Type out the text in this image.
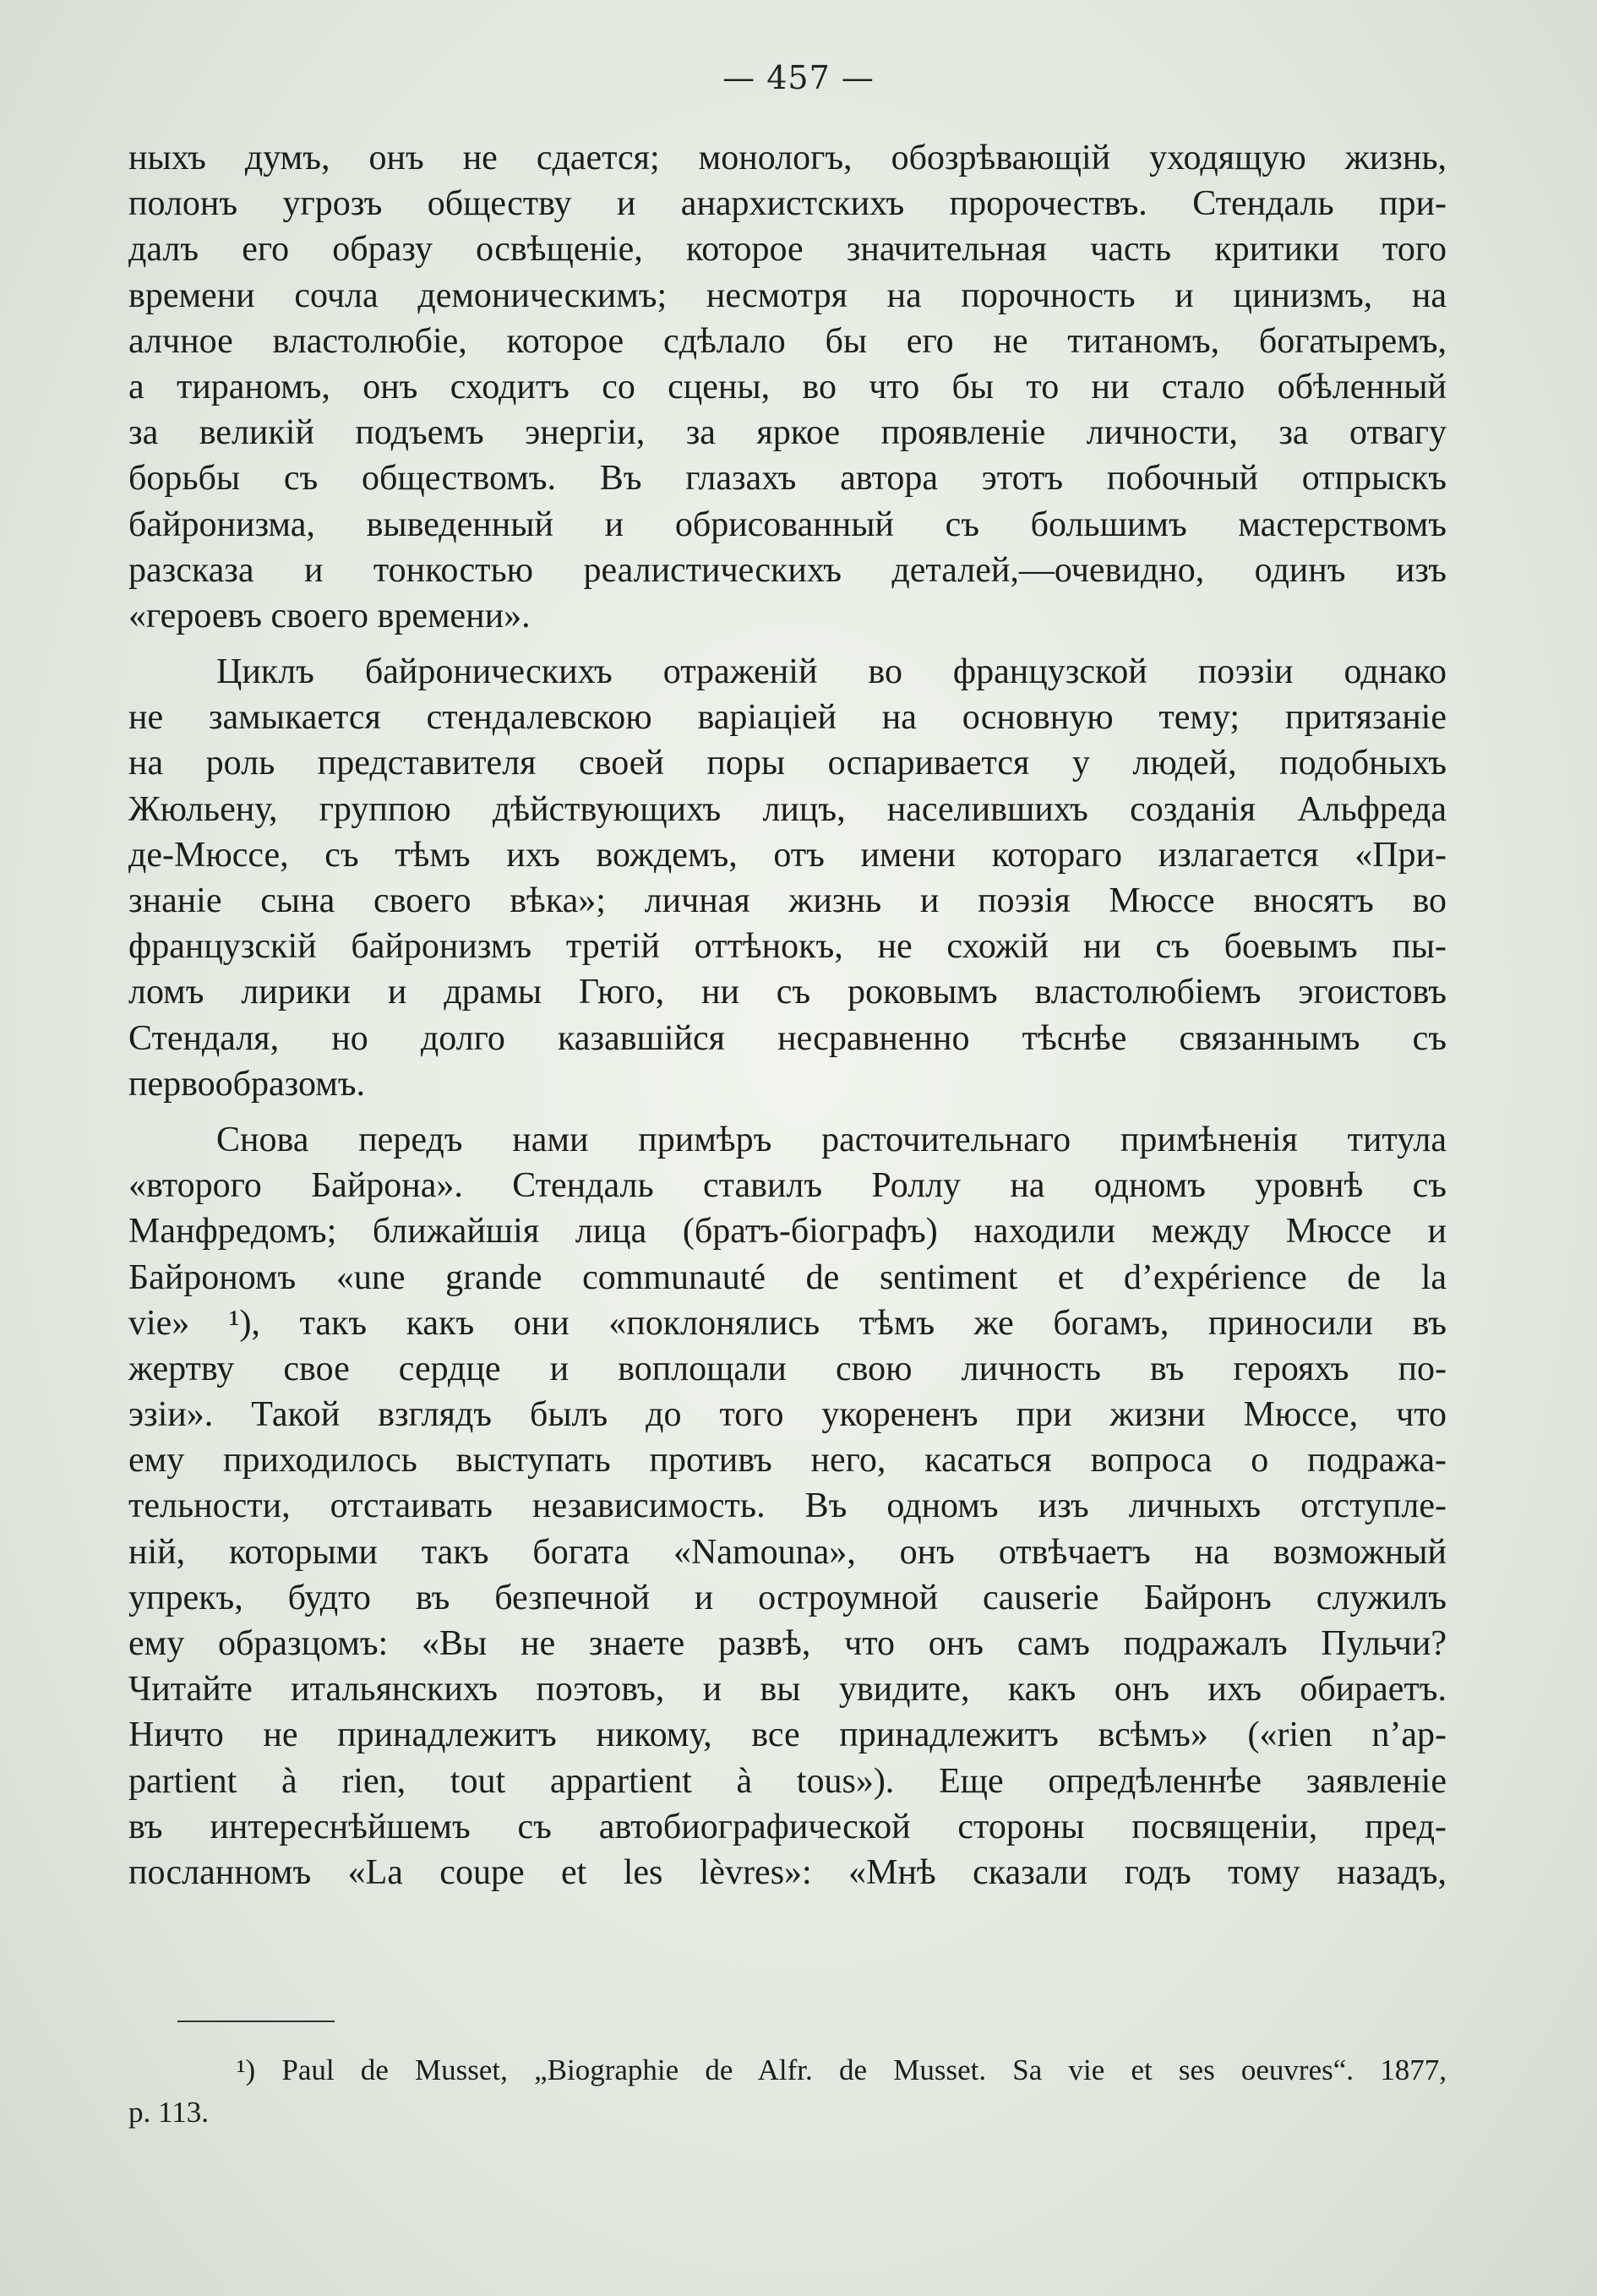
— 457 —

ныхъ думъ, онъ не сдается; монологъ, обозрѣвающій уходящую жизнь,
полонъ угрозъ обществу и анархистскихъ пророчествъ. Стендаль при-
далъ его образу освѣщеніе, которое значительная часть критики того
времени сочла демоническимъ; несмотря на порочность и цинизмъ, на
алчное властолюбіе, которое сдѣлало бы его не титаномъ, богатыремъ,
а тираномъ, онъ сходитъ со сцены, во что бы то ни стало обѣленный
за великій подъемъ энергіи, за яркое проявленіе личности, за отвагу
борьбы съ обществомъ. Въ глазахъ автора этотъ побочный отпрыскъ
байронизма, выведенный и обрисованный съ большимъ мастерствомъ
разсказа и тонкостью реалистическихъ деталей,—очевидно, одинъ изъ
«героевъ своего времени».

Циклъ байроническихъ отраженій во французской поэзіи однако
не замыкается стендалевскою варіаціей на основную тему; притязаніе
на роль представителя своей поры оспаривается у людей, подобныхъ
Жюльену, группою дѣйствующихъ лицъ, населившихъ созданія Альфреда
де-Мюссе, съ тѣмъ ихъ вождемъ, отъ имени котораго излагается «При-
знаніе сына своего вѣка»; личная жизнь и поэзія Мюссе вносятъ во
французскій байронизмъ третій оттѣнокъ, не схожій ни съ боевымъ пы-
ломъ лирики и драмы Гюго, ни съ роковымъ властолюбіемъ эгоистовъ
Стендаля, но долго казавшійся несравненно тѣснѣе связаннымъ съ
первообразомъ.

Снова передъ нами примѣръ расточительнаго примѣненія титула
«второго Байрона». Стендаль ставилъ Роллу на одномъ уровнѣ съ
Манфредомъ; ближайшія лица (братъ-біографъ) находили между Мюссе и
Байрономъ «une grande communauté de sentiment et d’expérience de la
vie» ¹), такъ какъ они «поклонялись тѣмъ же богамъ, приносили въ
жертву свое сердце и воплощали свою личность въ герояхъ по-
эзіи». Такой взглядъ былъ до того укорененъ при жизни Мюссе, что
ему приходилось выступать противъ него, касаться вопроса о подража-
тельности, отстаивать независимость. Въ одномъ изъ личныхъ отступле-
ній, которыми такъ богата «Namouna», онъ отвѣчаетъ на возможный
упрекъ, будто въ безпечной и остроумной causerie Байронъ служилъ
ему образцомъ: «Вы не знаете развѣ, что онъ самъ подражалъ Пульчи?
Читайте итальянскихъ поэтовъ, и вы увидите, какъ онъ ихъ обираетъ.
Ничто не принадлежитъ никому, все принадлежитъ всѣмъ» («rien n’ap-
partient à rien, tout appartient à tous»). Еще опредѣленнѣе заявленіе
въ интереснѣйшемъ съ автобиографической стороны посвященіи, пред-
посланномъ «La coupe et les lèvres»: «Мнѣ сказали годъ тому назадъ,

¹) Paul de Musset, „Biographie de Alfr. de Musset. Sa vie et ses oeuvres“. 1877,
p. 113.
